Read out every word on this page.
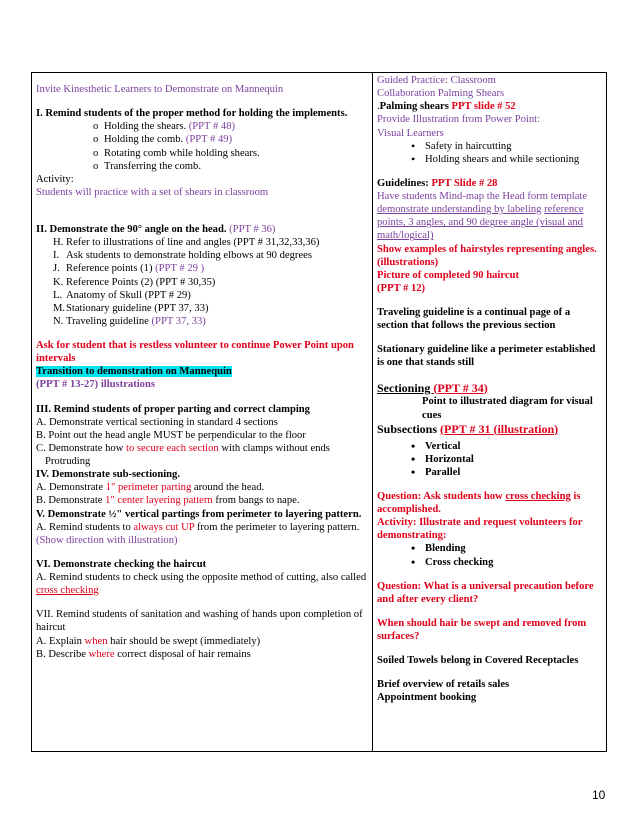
Invite Kinesthetic Learners to Demonstrate on Mannequin

I. Remind students of the proper method for holding the implements.

o Holding the shears. (PPT # 48)

o Holding the comb. (PPT # 49)

o Rotating comb while holding shears.

o Transferring the comb.

Activity:

Students will practice with a set of shears in classroom

II. Demonstrate the 90° angle on the head. (PPT # 36)

H. Refer to illustrations of line and angles (PPT # 31,32,33,36)

I. Ask students to demonstrate holding elbows at 90 degrees

J. Reference points (1) (PPT # 29 )

K. Reference Points (2) (PPT # 30,35)

L. Anatomy of Skull (PPT # 29)

M.Stationary guideline (PPT 37, 33)

N. Traveling guideline (PPT 37, 33)

Ask for student that is restless volunteer to continue Power Point upon intervals

Transition to demonstration on Mannequin

(PPT # 13-27) illustrations

III. Remind students of proper parting and correct clamping

A. Demonstrate vertical sectioning in standard 4 sections

B. Point out the head angle MUST be perpendicular to the floor

C. Demonstrate how to secure each section with clamps without ends Protruding

IV. Demonstrate sub-sectioning.

A. Demonstrate 1" perimeter parting around the head.

B. Demonstrate 1" center layering pattern from bangs to nape.

V. Demonstrate ½" vertical partings from perimeter to layering pattern.

A. Remind students to always cut UP from the perimeter to layering pattern. (Show direction with illustration)

VI. Demonstrate checking the haircut

A. Remind students to check using the opposite method of cutting, also called cross checking

VII. Remind students of sanitation and washing of hands upon completion of haircut

A. Explain when hair should be swept (immediately)

B. Describe where correct disposal of hair remains

Guided Practice: Classroom

Collaboration Palming Shears

.Palming shears PPT slide # 52

Provide Illustration from Power Point:

Visual Learners

• Safety in haircutting

• Holding shears and while sectioning

Guidelines: PPT Slide # 28

Have students Mind-map the Head form template demonstrate understanding by labeling reference points, 3 angles, and 90 degree angle (visual and math/logical)

Show examples of hairstyles representing angles. (illustrations)

Picture of completed 90 haircut

(PPT # 12)

Traveling guideline is a continual page of a section that follows the previous section

Stationary guideline like a perimeter established is one that stands still

Sectioning (PPT # 34)

Point to illustrated diagram for visual cues

Subsections (PPT # 31 (illustration)

• Vertical

• Horizontal

• Parallel

Question: Ask students how cross checking is accomplished.

Activity: Illustrate and request volunteers for demonstrating:

• Blending

• Cross checking

Question: What is a universal precaution before and after every client?

When should hair be swept and removed from surfaces?

Soiled Towels belong in Covered Receptacles

Brief overview of retails sales

Appointment booking

10
